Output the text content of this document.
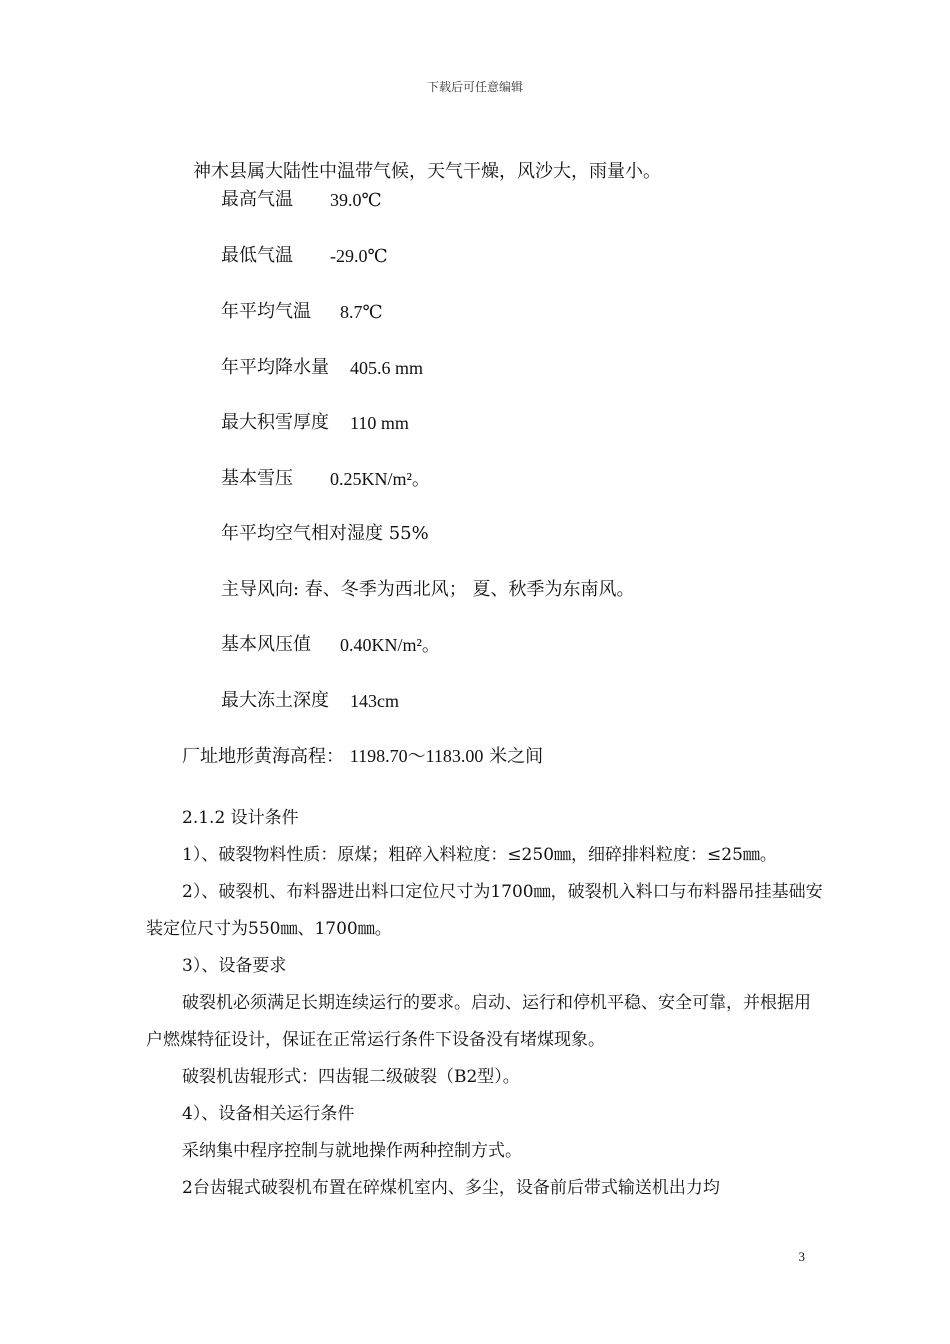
下载后可任意编辑
神木县属大陆性中温带气候，天气干燥，风沙大，雨量小。
最高气温 39.0℃
最低气温 -29.0℃
年平均气温 8.7℃
年平均降水量 405.6 mm
最大积雪厚度 110 mm
基本雪压 0.25KN/m²。
年平均空气相对湿度 55%
主导风向: 春、冬季为西北风； 夏、秋季为东南风。
基本风压值 0.40KN/m²。
最大冻土深度 143cm
厂址地形黄海高程： 1198.70～1183.00 米之间

2.1.2 设计条件

1）、破裂物料性质：原煤；粗碎入料粒度：≤250㎜，细碎排料粒度：≤25㎜。

2）、破裂机、布料器进出料口定位尺寸为1700㎜，破裂机入料口与布料器吊挂基础安装定位尺寸为550㎜、1700㎜。

3）、设备要求

破裂机必须满足长期连续运行的要求。启动、运行和停机平稳、安全可靠，并根据用户燃煤特征设计，保证在正常运行条件下设备没有堵煤现象。

破裂机齿辊形式：四齿辊二级破裂（B2型）。

4）、设备相关运行条件

采纳集中程序控制与就地操作两种控制方式。

2台齿辊式破裂机布置在碎煤机室内、多尘，设备前后带式输送机出力均

3
